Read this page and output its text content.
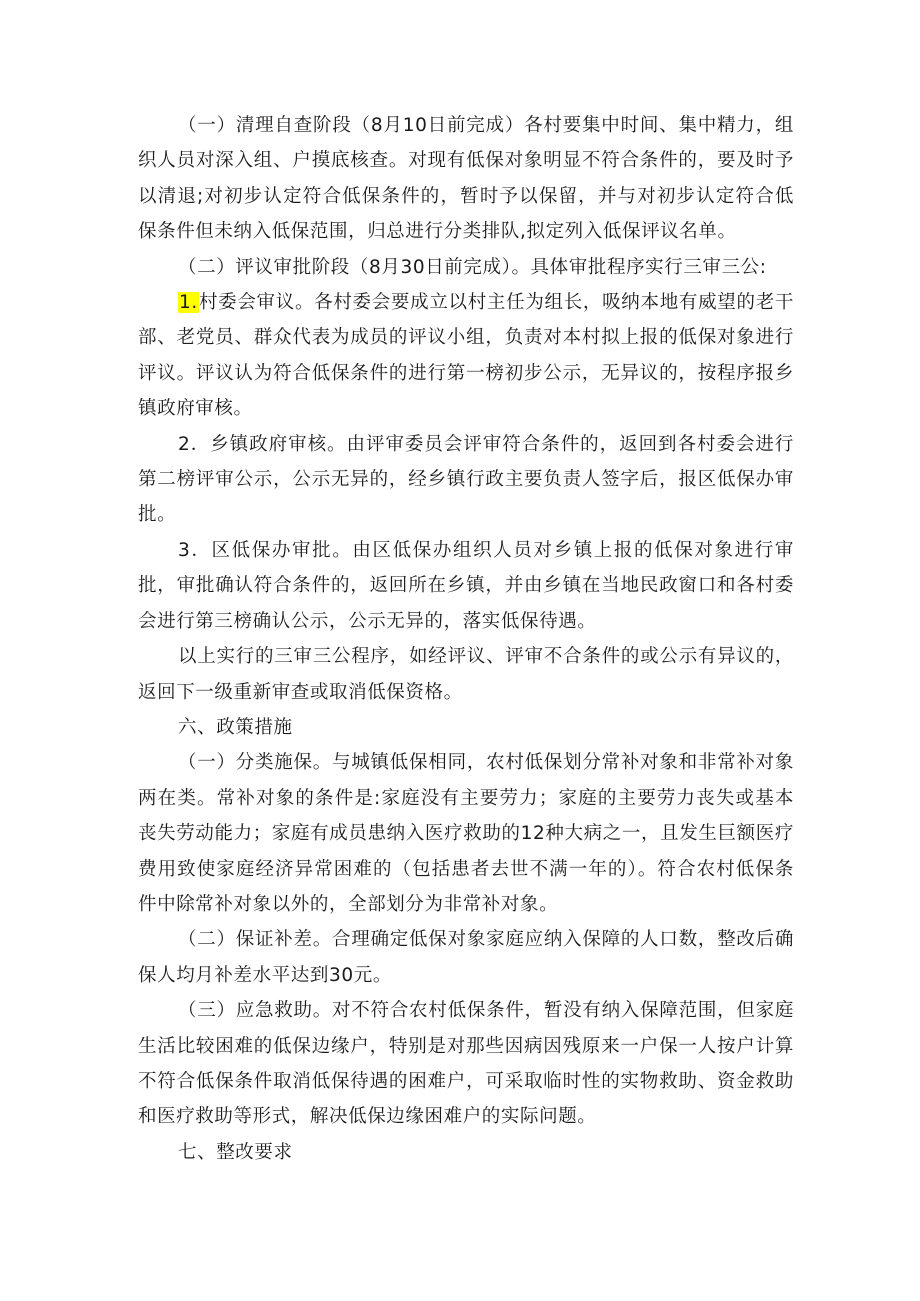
（一）清理自查阶段（8月10日前完成）各村要集中时间、集中精力，组织人员对深入组、户摸底核查。对现有低保对象明显不符合条件的，要及时予以清退;对初步认定符合低保条件的，暂时予以保留，并与对初步认定符合低保条件但未纳入低保范围，归总进行分类排队,拟定列入低保评议名单。

（二）评议审批阶段（8月30日前完成）。具体审批程序实行三审三公:

1.村委会审议。各村委会要成立以村主任为组长，吸纳本地有威望的老干部、老党员、群众代表为成员的评议小组，负责对本村拟上报的低保对象进行评议。评议认为符合低保条件的进行第一榜初步公示，无异议的，按程序报乡镇政府审核。

2．乡镇政府审核。由评审委员会评审符合条件的，返回到各村委会进行第二榜评审公示，公示无异的，经乡镇行政主要负责人签字后，报区低保办审批。

3．区低保办审批。由区低保办组织人员对乡镇上报的低保对象进行审批，审批确认符合条件的，返回所在乡镇，并由乡镇在当地民政窗口和各村委会进行第三榜确认公示，公示无异的，落实低保待遇。

以上实行的三审三公程序，如经评议、评审不合条件的或公示有异议的，返回下一级重新审查或取消低保资格。

六、政策措施

（一）分类施保。与城镇低保相同，农村低保划分常补对象和非常补对象两在类。常补对象的条件是:家庭没有主要劳力；家庭的主要劳力丧失或基本丧失劳动能力；家庭有成员患纳入医疗救助的12种大病之一，且发生巨额医疗费用致使家庭经济异常困难的（包括患者去世不满一年的）。符合农村低保条件中除常补对象以外的，全部划分为非常补对象。

（二）保证补差。合理确定低保对象家庭应纳入保障的人口数，整改后确保人均月补差水平达到30元。

（三）应急救助。对不符合农村低保条件，暂没有纳入保障范围，但家庭生活比较困难的低保边缘户，特别是对那些因病因残原来一户保一人按户计算不符合低保条件取消低保待遇的困难户，可采取临时性的实物救助、资金救助和医疗救助等形式，解决低保边缘困难户的实际问题。

七、整改要求
